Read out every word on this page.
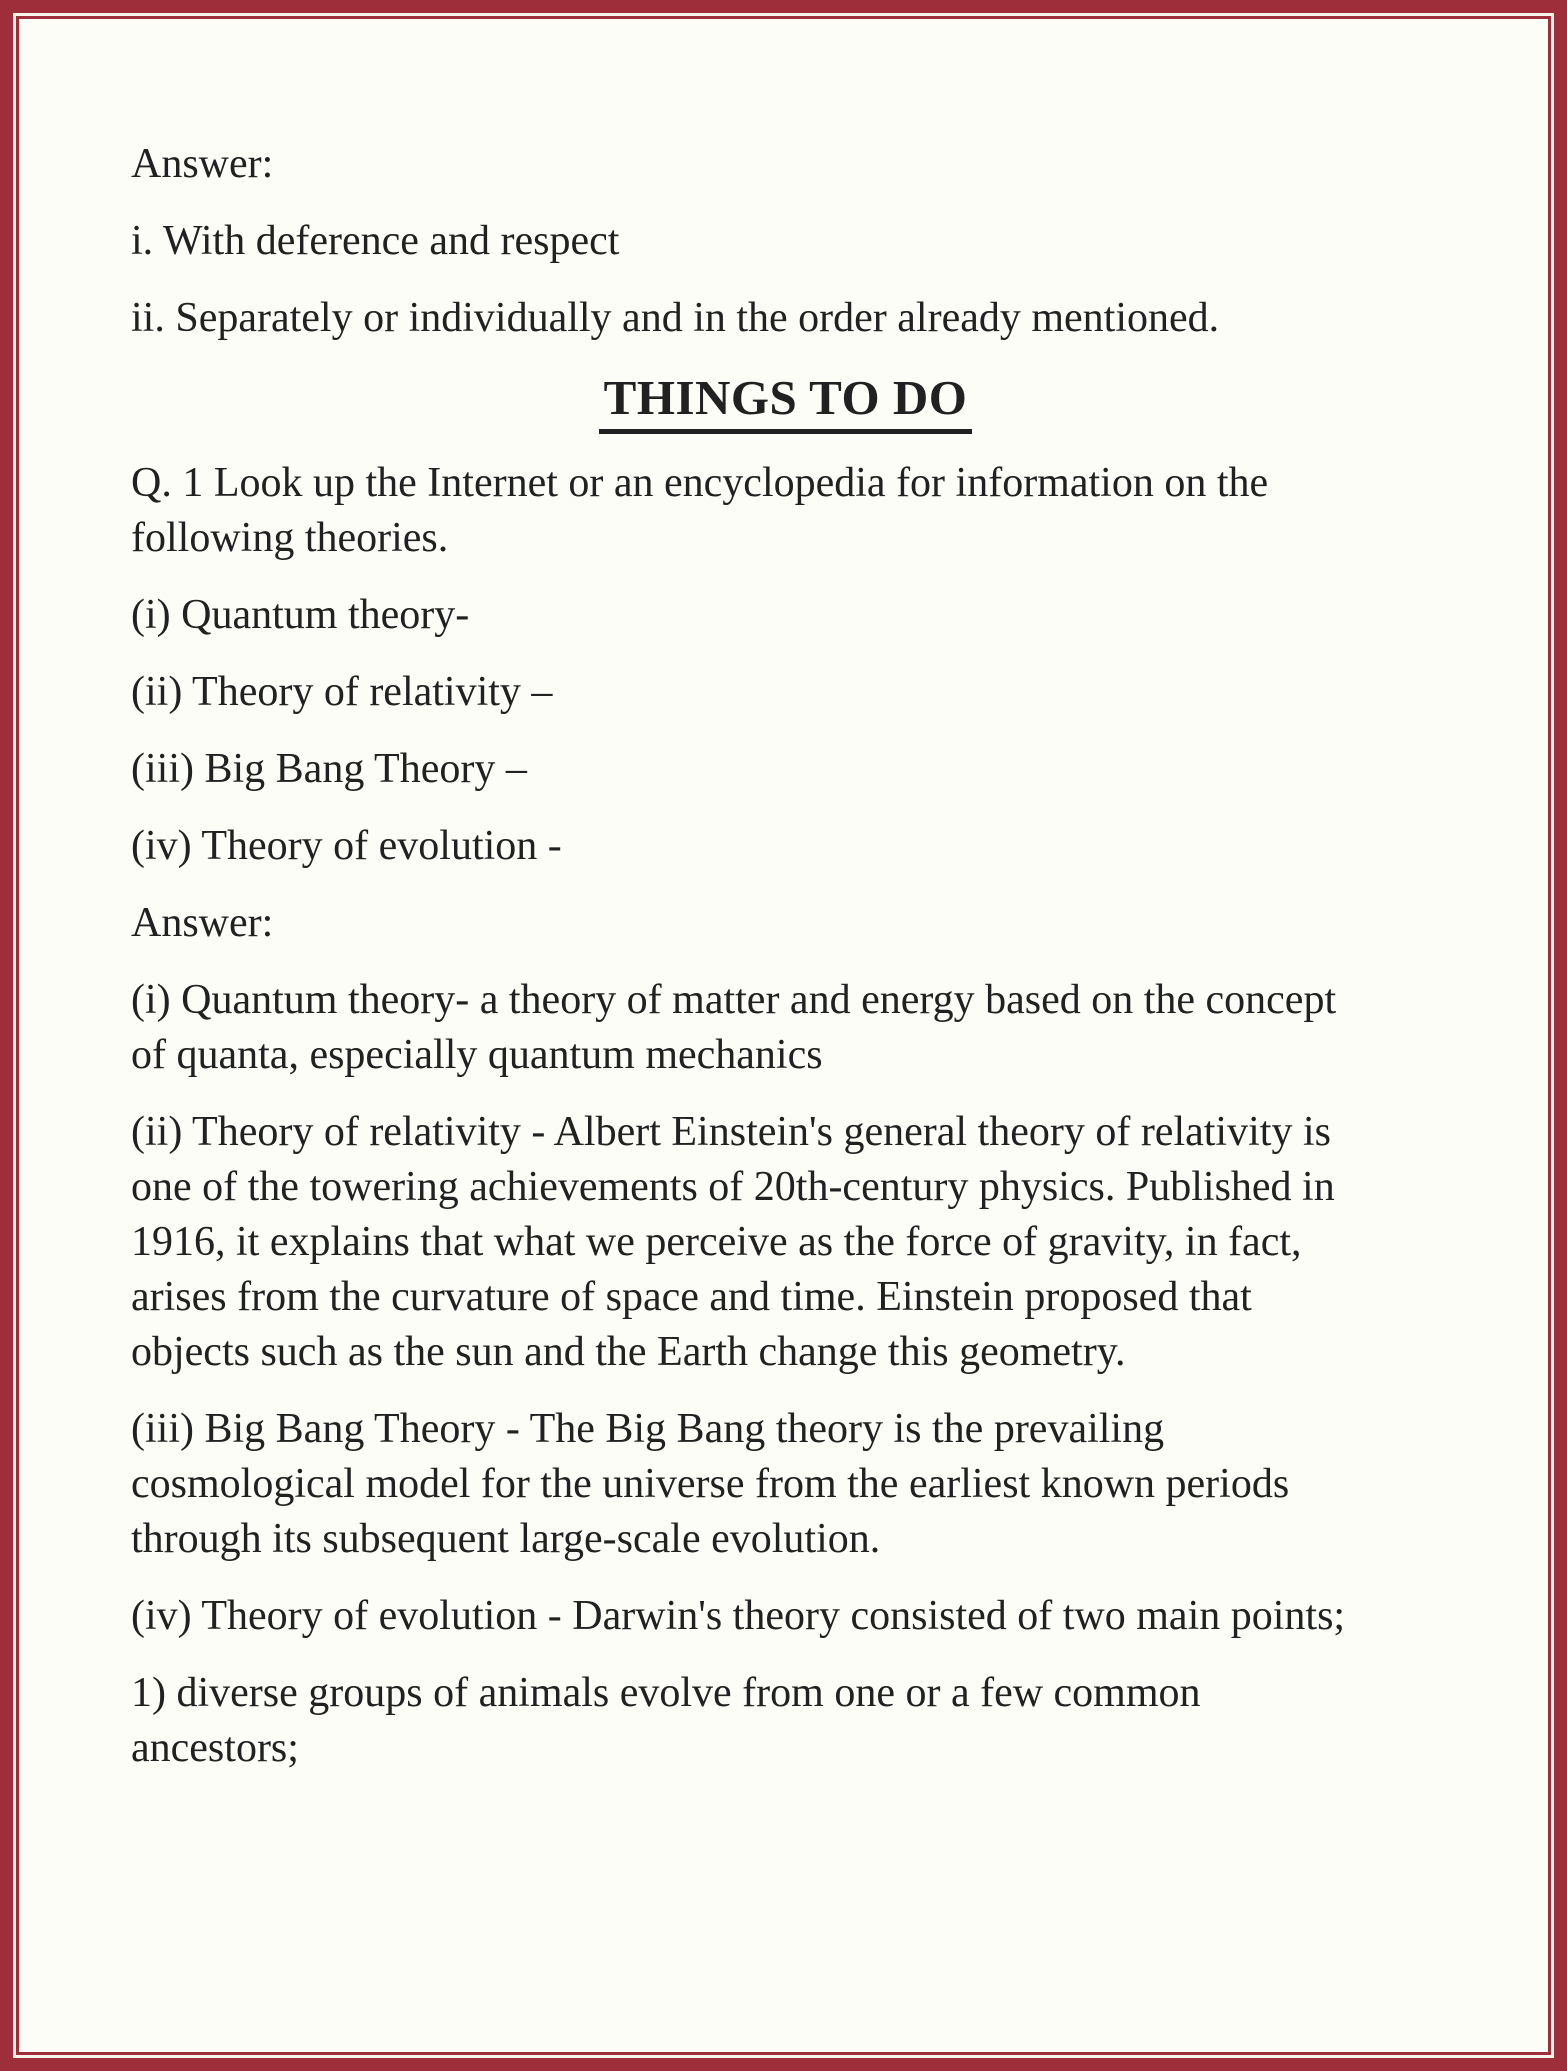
Answer:
i. With deference and respect
ii. Separately or individually and in the order already mentioned.
THINGS TO DO
Q. 1 Look up the Internet or an encyclopedia for information on the
following theories.
(i) Quantum theory-
(ii) Theory of relativity –
(iii) Big Bang Theory –
(iv) Theory of evolution -
Answer:
(i) Quantum theory- a theory of matter and energy based on the concept
of quanta, especially quantum mechanics
(ii) Theory of relativity - Albert Einstein's general theory of relativity is
one of the towering achievements of 20th-century physics. Published in
1916, it explains that what we perceive as the force of gravity, in fact,
arises from the curvature of space and time. Einstein proposed that
objects such as the sun and the Earth change this geometry.
(iii) Big Bang Theory - The Big Bang theory is the prevailing
cosmological model for the universe from the earliest known periods
through its subsequent large-scale evolution.
(iv) Theory of evolution - Darwin's theory consisted of two main points;
1) diverse groups of animals evolve from one or a few common
ancestors;
